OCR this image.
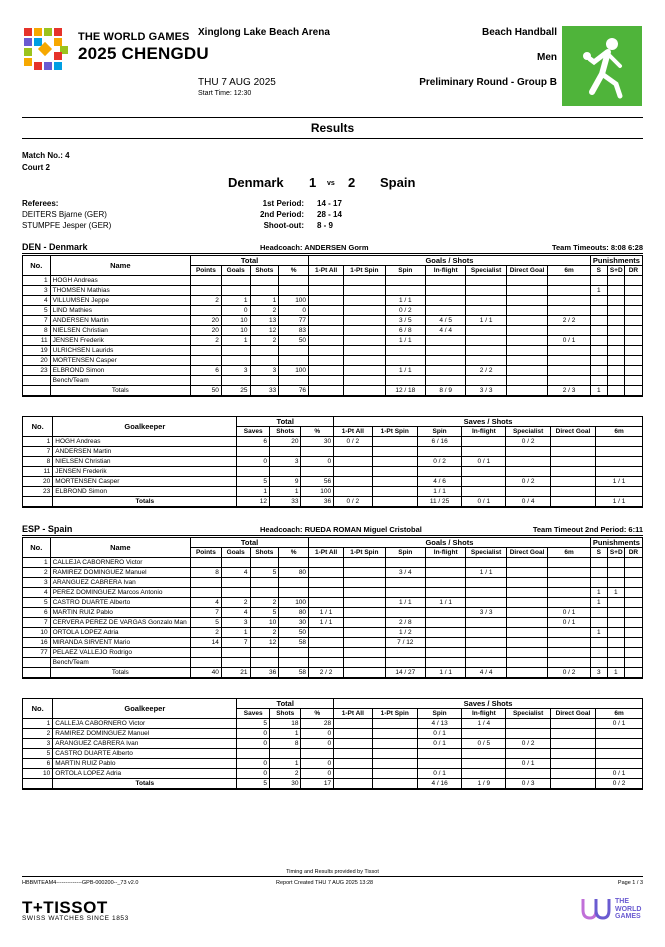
THE WORLD GAMES
2025 CHENGDU
Xinglong Lake Beach Arena
THU 7 AUG 2025
Start Time: 12:30
Beach Handball
Men
Preliminary Round - Group B
Results
Match No.: 4
Court 2
Denmark 1 vs 2 Spain
Referees:
DEITERS Bjarne (GER)
STUMPFE Jesper (GER)
1st Period: 14 - 17
2nd Period: 28 - 14
Shoot-out: 8 - 9
DEN - Denmark	Headcoach: ANDERSEN Gorm	Team Timeouts: 8:08 6:28
No.	Name	Total				Goals / Shots							Punishments		
		Points	Goals	Shots	%	1-Pt All	1-Pt Spin	Spin	In-flight	Specialist	Direct Goal	6m	S	S+D	DR
1	HOGH Andreas														
3	THOMSEN Mathias												1		
4	VILLUMSEN Jeppe	2	1	1	100			1 / 1							
5	LIND Mathies		0	2	0			0 / 2							
7	ANDERSEN Martin	20	10	13	77			3 / 5	4 / 5	1 / 1		2 / 2			
8	NIELSEN Christian	20	10	12	83			6 / 8	4 / 4						
11	JENSEN Frederik	2	1	2	50			1 / 1				0 / 1			
19	ULRICHSEN Laurids														
20	MORTENSEN Casper														
23	ELBROND Simon	6	3	3	100			1 / 1		2 / 2					
	Bench/Team														
	Totals	50	25	33	76			12 / 18	8 / 9	3 / 3		2 / 3	1		
No.	Goalkeeper	Total			Saves / Shots						
		Saves	Shots	%	1-Pt All	1-Pt Spin	Spin	In-flight	Specialist	Direct Goal	6m
1	HOGH Andreas	6	20	30	0 / 2		6 / 16		0 / 2		
7	ANDERSEN Martin										
8	NIELSEN Christian	0	3	0			0 / 2	0 / 1			
11	JENSEN Frederik										
20	MORTENSEN Casper	5	9	56			4 / 6		0 / 2		1 / 1
23	ELBROND Simon	1	1	100			1 / 1				
	Totals	12	33	36	0 / 2		11 / 25	0 / 1	0 / 4		1 / 1
ESP - Spain	Headcoach: RUEDA ROMAN Miguel Cristobal	Team Timeout 2nd Period: 6:11
No.	Name	Total				Goals / Shots							Punishments		
		Points	Goals	Shots	%	1-Pt All	1-Pt Spin	Spin	In-flight	Specialist	Direct Goal	6m	S	S+D	DR
1	CALLEJA CABORNERO Victor														
2	RAMIREZ DOMINGUEZ Manuel	8	4	5	80			3 / 4		1 / 1					
3	ARANGUEZ CABRERA Ivan														
4	PEREZ DOMINGUEZ Marcos Antonio												1	1	
5	CASTRO DUARTE Alberto	4	2	2	100			1 / 1	1 / 1				1		
6	MARTIN RUIZ Pablo	7	4	5	80	1 / 1				3 / 3		0 / 1			
7	CERVERA PEREZ DE VARGAS Gonzalo Man	5	3	10	30	1 / 1		2 / 8				0 / 1			
10	ORTOLA LOPEZ Adria	2	1	2	50			1 / 2					1		
16	MIRANDA SIRVENT Mario	14	7	12	58			7 / 12							
77	PELAEZ VALLEJO Rodrigo														
	Bench/Team														
	Totals	40	21	36	58	2 / 2		14 / 27	1 / 1	4 / 4		0 / 2	3	1	
No.	Goalkeeper	Total			Saves / Shots						
		Saves	Shots	%	1-Pt All	1-Pt Spin	Spin	In-flight	Specialist	Direct Goal	6m
1	CALLEJA CABORNERO Victor	5	18	28			4 / 13	1 / 4			0 / 1
2	RAMIREZ DOMINGUEZ Manuel	0	1	0			0 / 1				
3	ARANGUEZ CABRERA Ivan	0	8	0			0 / 1	0 / 5	0 / 2		
5	CASTRO DUARTE Alberto										
6	MARTIN RUIZ Pablo	0	1	0					0 / 1		
10	ORTOLA LOPEZ Adria	0	2	0			0 / 1				0 / 1
	Totals	5	30	17			4 / 16	1 / 9	0 / 3		0 / 2
Timing and Results provided by Tissot
HBBMTEAM4--------------GPB-000200--_73 v2.0	Report Created THU 7 AUG 2025 13:28	Page 1 / 3
T+TISSOT
SWISS WATCHES SINCE 1853
THE
WORLD
GAMES
